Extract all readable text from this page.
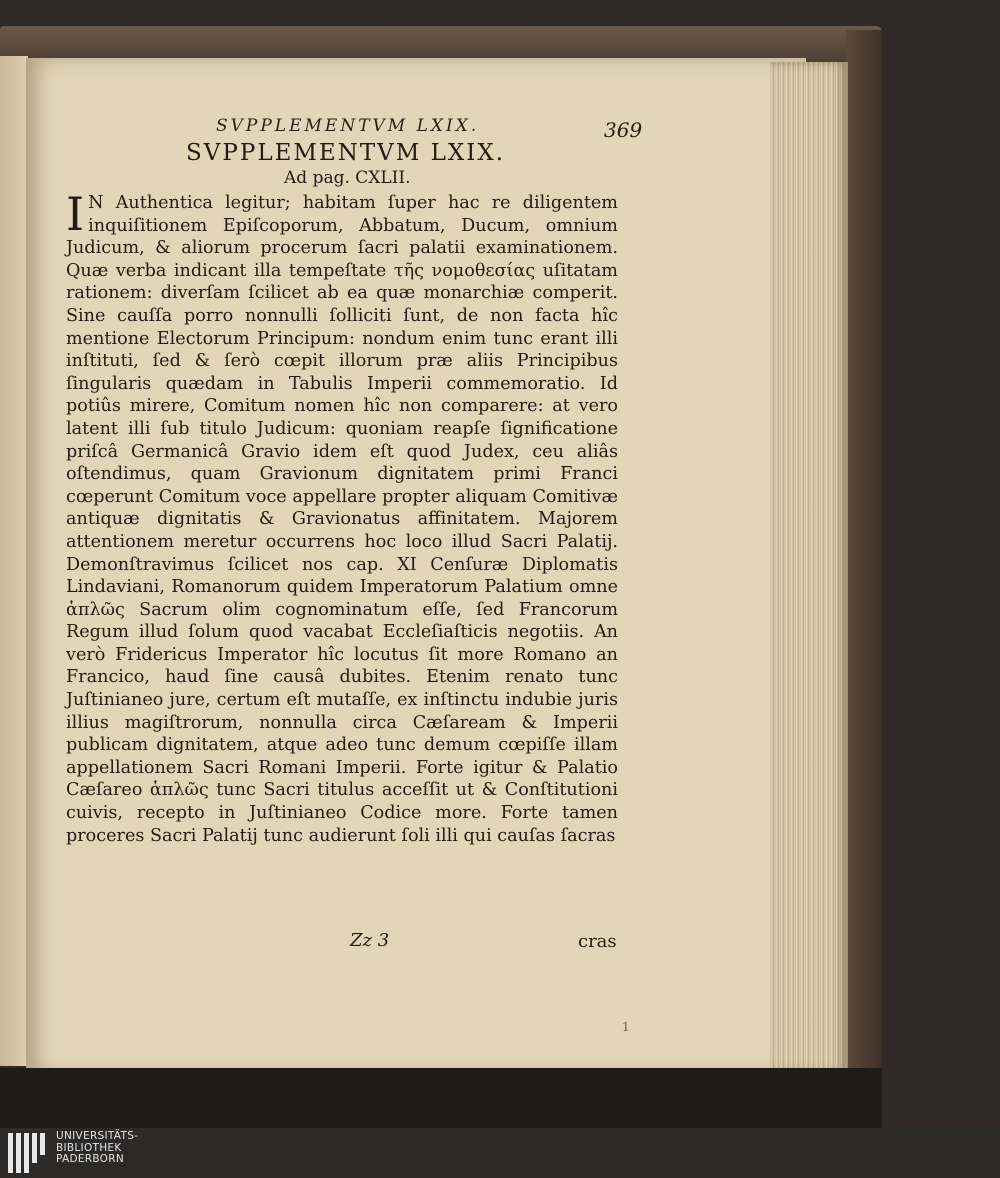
SVPPLEMENTVM LXIX.	369
SVPPLEMENTVM LXIX.
Ad pag. CXLII.

I N Authentica legitur; habitam ſuper hac re diligentem inquiſitionem Epiſcoporum, Abbatum, Ducum, omnium Judicum, & aliorum procerum ſacri palatii examinationem. Quæ verba indicant illa tempeſtate τῆς νομοθεσίας uſitatam rationem: diverſam ſcilicet ab ea quæ monarchiæ comperit. Sine cauſſa porro nonnulli ſolliciti ſunt, de non facta hîc mentione Electorum Principum: nondum enim tunc erant illi inſtituti, ſed & ſerò cœpit illorum præ aliis Principibus ſingularis quædam in Tabulis Imperii commemoratio. Id potiûs mirere, Comitum nomen hîc non comparere: at vero latent illi ſub titulo Judicum: quoniam reapſe ſignificatione priſcâ Germanicâ Gravio idem eſt quod Judex, ceu aliâs oſtendimus, quam Gravionum dignitatem primi Franci cœperunt Comitum voce appellare propter aliquam Comitivæ antiquæ dignitatis & Gravionatus affinitatem. Majorem attentionem meretur occurrens hoc loco illud Sacri Palatij. Demonſtravimus ſcilicet nos cap. XI Cenſuræ Diplomatis Lindaviani, Romanorum quidem Imperatorum Palatium omne ἁπλῶς Sacrum olim cognominatum eſſe, ſed Francorum Regum illud ſolum quod vacabat Eccleſiaſticis negotiis. An verò Fridericus Imperator hîc locutus ſit more Romano an Francico, haud ſine causâ dubites. Etenim renato tunc Juſtinianeo jure, certum eſt mutaſſe, ex inſtinctu indubie juris illius magiſtrorum, nonnulla circa Cæſaream & Imperii publicam dignitatem, atque adeo tunc demum cœpiſſe illam appellationem Sacri Romani Imperii. Forte igitur & Palatio Cæſareo ἁπλῶς tunc Sacri titulus acceſſit ut & Conſtitutioni cuivis, recepto in Juſtinianeo Codice more. Forte tamen proceres Sacri Palatij tunc audierunt ſoli illi qui cauſas ſacras

Zz 3	cras
1
UNIVERSITÄTS-
BIBLIOTHEK
PADERBORN
